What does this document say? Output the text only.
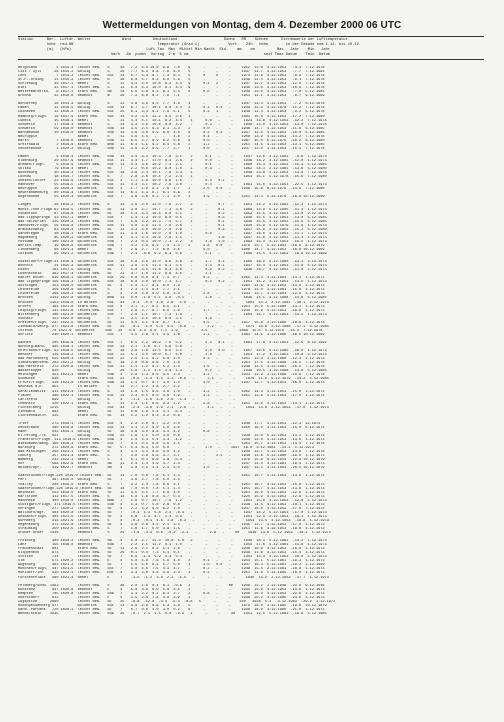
Wettermeldungen von Montag, dem 4. Dezember 2000 06 UTC
Station      Ber.  Luftdr. Wetter              Wind          Deutschland                     Sonne   RR    Schnee      Extremwerte der Lufttemperatur
höhe  red.NN                                      Temperatur (Grad C)             Vort.   24h   höhe        in der Dekade vom 1.12. bis 10.12.
(m)   (hPa)                                  Luft Tau  Max  Mittel Min Nacht  Std.    mm    cm          Max   Jahr    Min   Jahr
km/h   Zm  punkt  Vortag  2 m  5 cm                                  seit Tmax Datum    Tmin  Datum
Helgoland         4 1014.4  leicht bew.   S     43   7.2  5.4 10.0  9.8  7.0    9      -     -     -     1952  13.0  4.12.1953   -4.4  7.12.1978
List / Sylt      26 1014.2  wolkig        S     29   7.7  6.3  8.8  7.6  6.0    5      -     -     -     1937  11.7  4.12.1953   -7.7  7.12.1982
Leck              7 1014.2  leicht bew.   SSE   14   6.7  5.3  8.7  7.3  6.3    5      0     X     -     1974  11.6  4.12.1953   -8.9  7.12.1978
St.P.-Ording     11 1015.2  leicht bew.   N     18   6.0  5.7  8.3  6.0  5.9    5      -     -     -     1949  12.4  4.12.1953   -9.1  7.12.1978
Schleswig        43 1017.1  Nebel         S     11   4.4  4.0  10.8  9.3  4.4   9      0.4   2     -     1947  12.7  4.12.1953  -12.0  7.12.1978
Kiel             31 1017.1  leicht bew.   S     11   5.4  4.3  10.0  9.1  4.4   9      -     -     -     1949  13.0  4.12.1953  -10.9  7.12.1978
Westermarkelsd.   8 1017.1  stark bew.    SW    14   5.5  5.8  9.3  8.1  5.5    6      0.0   -     -     1949  13.0  4.12.1953   -7.0  5.12.1985
Arkona           42 1018.0  bedeckt       W     29   7.2  6.6  8.2  7.6  7.1    -      -     -     -     1951  12.1  4.12.1953   -8.7  9.12.1969
Norderney        18 1014.3  wolkig        S     22   4.8  3.6  9.5  7.7  4.8    4      -     -     -     1947  13.4  4.12.1953   -7.2  8.12.1978
Emden            11 1016.5  wolkig        SSE   14   6.7  3.7  10.1  9.0  4.4   4      0.1   0.4   -     1949  12.8  4.12.1978  -11.2  7.12.1978
Cuxhaven         12 1016.2  leicht bew.   SSE   25   6.1  3.3  9.2  7.9  5.1    5      0.3   1     -     1949  12.3  4.12.1953   -9.2  5.12.1978
Hamburg/Flugh.   16 1017.9  stark bew.    SSE   14   4.2  3.5  11.2  8.5  2.6   1      -     -     -     1891  15.4  4.12.1953  -17.2  7.12.1980
Lübeck           15 1018.1  Nebel         S     11   4.4  4.1  10.1  8.2  4.4    1      0.0   -     -     1921  13.8  4.12.1953  -12.2  7.12.1978
Schwerin         17 1018.4  bedeckt       S     14   4.3  3.9  10.6  8.0  4.2    -      0.3   -     -     1949  13.0  4.12.1953  -13.0  7.12.1978
Schwerin         59 1018.0  bedeckt       SSW   14   3.5  2.5  9.3  9.1  3.3    2      0.0   -     -     1946  14.7  4.12.1953  -11.8  5.12.1985
Warnemünde       10 1018.0  bedeckt       SSW   14   4.6  3.8  9.9  8.0  4.6    6      0.2   0.3   -     1947  12.5  4.12.1953  -10.0  5.12.1985
Neuruppin                   Nebel         S     11   4.6  4.5   -   -    4.6    2      0.4   -     -     1908  13.9  4.12.1953  -14.2  7.12.1978
Barth             7 1018.6  bedeckt       SSW   11   6.5  4.7  8.9  6.2  6.6    6      0.0   -     -     1987  15.0  6.12.1979  -16.2  8.12.1980
Greifswald        2 1018.6  stark bew.    WSW   11   6.4  5.1  9.2  8.4  5.8    2      1.2   -     -     1951  14.5  4.12.1953  -13.1  5.12.1985
Ueckermünde       1 1020.2  wolkig        SSW   11   4.9  3.2  9.9  7.7  3.7    1      0.0   -     -     1947  13.0  4.12.1953  -15.4  7.12.1978
Emden             5 1018.4  leicht bew.   SSW   14   3.4  3.3  10.3  7.8  3.1    2      0.1   -     -     1947  12.6  3.12.1981   -8.6  1.12.1973
Oldenburg        20 1017.9  bedeckt       SSE   11   3.4  1.7  11.0  8.4  2.8    2      0.0   -     -     1946  13.2  3.12.1981  -12.0  1.12.1973
Bremen/Flugh.     5 1018.9  leicht bew.   SSE   11   4.3  3.6  10.9  7.4  2.1    -      0.1   -     -     1890  15.4  4.12.1953  -15.4  5.12.1985
Soltau           79 1018.4  Nebel         SE    7    2.2  0.8  10.2  8.0  1.0    1      0.3   -     -     1962  14.3  3.12.1981  -13.6  5.12.1980
Bückeburg        40 1019.3  leicht bew.   SSE   18   3.6  2.4  10.1  7.6  3.3    1      -     -     -     1948  13.8  4.12.1953  -13.8  7.12.1978
Lüchow           18 1019.7  leicht bew.   S     7    2.8  2.6  10.4  7.2  2.4    1      -     -     -     1954  15.1  5.12.1978  -15.6  7.12.1980
Seesen/Lutter    23 1019.9  leicht bew.   SSE   4    1.1  1.9  10.0  6.6  1.0    -      0.3   0.1   -
Hannover         55 1019.5  leicht bew.   SSE   11   4.3  3.1  10.2  7.6  3.0    -      0.4   -     -     1891  15.0  4.12.1953  -22.5  1.12.1973
Neuruppin        39 1020.4  wolkenlos     SSE   4    1.7  1.9  9.3  7.6  1.7    2      2.5   0.0   -     1949  15.8  6.12.1979  -14.9  7.12.1980
Neubrandenburg   80 1019.4  leicht bew.   SSE   14   6.1  4.3  6.7  8.1  6.6    2      -     -     -
Angermünde       55 1020.4  wolkenlos     SSE   7    3.6  3.6  9.2  7.1  3.0    3      3.9   -     -     1951  14.4  5.12.1979  -16.8 10.12.1969
Lingen           26 1018.2  leicht bew.   S     14   3.9  2.0  12.0  7.8  2.7    2      -     0.7   -     1951  14.2  5.12.1981  -12.3  1.12.1973
Münst./Osn.Flugh.63 1018.5  leicht bew.   SE    14   3.0  2.7  10.7  7.3  3.0    2      -     0.1   -     1989  14.9  5.12.1985  -11.4  1.12.1973
Osnabrück        87 1019.8  leicht bew.   SE    18   5.4  3.3  10.8  8.0  5.1    -      -     0.2   -     1952  15.5  4.12.1953  -13.0  2.12.1973
Bad Lippspringe  43 1017.1  Nebel         SSE   7    1.4  1.3  10.0  6.0  0.5    -      -     0.3   -     1946  15.5  4.12.1953  -13.0  5.12.1985
Bad Salzuflen   129 1020.2  leicht bew.   SSE   7    5.9  2.2  10.3  7.5  5.7    1      -     0.1   -     1946  15.5  4.12.1953  -15.9  5.12.1985
Hannover/Flugh.  59 1019.8  leicht bew.   SSE   11   4.0  2.9  11.3  7.9  2.8    -      -     0.1   -     1930  15.9  5.12.1979  -11.9  1.12.1973
Braunschweig     83 1020.4  leicht bew.   SE    11   3.3  3.0  10.0  7.0  2.9    -      -     0.3   -     1947  15.6  4.12.1953  -15.2  5.12.1980
Gardelegen       48 1019.1  stark bew.    SSE   11   3.4  1.6  10.0  7.0  1.9    -      0.0   -     -     1947  16.0  4.12.1953  -11.1  7.12.1973
Magdeburg        85 1020.3  wolkenlos     SSE   4    3.1  2.4  10.6  7.9  1.5    -      -     1.6   -     1947  15.6  4.12.1953  -13.4  1.12.1973
Potsdam         100 1021.0  wolkenlos     SSW   7    2.3  0.3  10.0  7.1  2.2    3      4.8   1.0   -     1893  15.3  4.12.1953  -19.5  1.12.1973
Berlin-Temp.     49 1020.8  wolkenlos     SSW   7    4.2  2.9  9.2  7.4  3.3    2      4.8   0.0   -     1876  15.7  5.12.1981  -18.6  8.12.1879
Lindenberg       98 1021.4  Nebel         SW    7    2.9  2.7  7.3  6.0  2.8    -      5.0   -     -     1906  14.7  4.12.1953  -16.8 10.12.1969
Cottbus          69 1021.2  wolkenlos     SSW   7    2.1  -0.6  9.2  6.3  0.6    -      5.1   -     -     1888  15.5  4.12.1953  -16.9 10.12.1969
Düsseldorf/Flugh.41 1016.4  wolkenlos     SSE   18   5.8  2.5  12.0  8.6  4.8    2      1.7   0.1   -     1969  16.2  5.12.1980  -13.1  2.12.1973
Bocholt          24 1015.2  wolkenlos     SSE   11   3.9  2.5  11.3  8.1  3.5    -      1.3   0.1   -     1947  15.4  4.12.1953  -11.9  5.12.1973
Essen           161 1017.5  wolkig        SE    7    5.0  3.5  11.8  9.3  4.6    -      0.2   0.2   -     1936  16.7  4.12.1953  -11.0  2.12.1973
Lüdenscheid     392 1017.4  leicht bew.   SE    22   4.7  1.0  11.2  8.6  4.5    -      2.1   -     -
Kahler Asten    839 1018.1  wolkenlos     SSE   29   0.8  0.6  9.4  7.4  0.7    -      0.2   -     -     1955  11.3  3.12.1981  -14.1  1.12.1973
Bad Lippspringe 159 1019.3  leicht bew.   SSE   18   6.8  2.9  10.0  7.1  4.7    -      0.3   0.2   -     1951  15.2  4.12.1953  -13.5  1.12.1973
Göttingen       153 1020.0  wolkenlos     SE    4    1.4  1.7  8.2  6.0  1.3    -      -     -     -     1964  14.6  4.12.1953  -13.8  1.12.1973
Leinefelde      356 1020.0  wolkenlos     S     4    2.3  1.4  9.4  7.7  2.1    -      -     -     -     1978  13.4  3.12.1981  -15.8  1.12.1973
Leinefelde      266 1020.3  wolkenlos     S     4    2.0  2.8  8.0  5.8  2.3    -      2.8   -     -     1933  13.7  3.12.1981  -12.9  1.12.1973
Brocken        1142 1022.8  wolkig        WSW   11   0.0  -1.9  5.1  3.6  -0.1   -      1.8   -     -     1936  14.1  3.12.1988  -14.6  5.12.1985
Brocken        1153 1018.0  in Wolken     SSE   43   -0.1  -0.4  4.0  2.6  -1.6   -      -     -     -     1901  13.2  3.12.1981  -18.1  2.12.1973
Artern          164 1021.8  stark bew.    SSE   4    3.1  1.7  8.1  6.9  3.1    -      -     -     -     1951  15.0  5.12.1980  -14.3  1.12.1973
Leipzig/Flugh.  131 1021.6  leicht bew.   SSE   7    2.8  2.7  9.7  6.0  1.9    -      1.7   -     -     1935  15.9  4.12.1953  -18.6  1.12.1973
Wittenberg      106 1021.0  wolkenlos     SSE   7    2.8  1.1  10.7  7.3  1.9    -      -     -     -     1904  15.7  4.12.1953  -14.5  1.12.1973
Oschatz         152 1022.0  wolkig        S     11   3.5  2.5  10.4  6.0  3.5    -      4.9   -     -
Dresden/Flugh.  227 1022.5  wolkenlos     SE    11   4.5  3.1  9.6  6.7  4.3    -      4.5   -     -     1917  15.8  3.12.1988  -16.9  4.12.1973
Zinnwald/Georg. 877 1021.8  leicht bew.   SE    29   -0.1  -1.0  5.4  4.5  -0.6   -      2.2   -     -     1971  10.6  3.12.1988  -17.1  5.12.1985
Cottbus         70 1021.9  wolkenlos     SSW   14   4.6  3.3  9.6  7.1  2.9    -      3.9   -     -     1888  15.5  5.12.1979  -15.3  7.12.1978
Görlitz         240 1020.1  bedeckt       SSE   7    4.5  2.9  5.1  4.5  3.6    -      1.1   -     -     1881  14.1  3.12.1988  -19.5 10.12.1969
Aachen          205 1019.9  leicht bew.   SSE   7    6.5  2.2  10.9  7.9  5.2    -      2.3   0.1   -     1891  17.8  4.12.1953  -12.9  8.12.1962
Nürburg-Barw.   485 1018.1  leicht bew.   SSE   14   2.1  -1.0  6.7  5.6  0.8    -      -     -     -
Köln/Bonn/Flugh. 92 1018.5  wolkig        SE    18   3.8  1.8  11.5  8.5  3.5    -      2.0   0.0   -     1957  16.5  5.12.1985  -16.0  1.12.1973
Bendorf         129 1018.2  leicht bew.   SSE   11   5.1  3.0  10.0  6.7  5.0    -      2.8   -     -     1951  17.2  4.12.1953  -10.8  2.12.1973
Bad Marienberg  555 1020.4  leicht bew.   SSE   22   2.5  1.3  9.2  5.0  2.0    -      0.3   -     -     1951  12.4  3.12.1988  -12.4  2.12.1973
Gießen/Wettenb. 203 1021.2  wolkig        SE    18   2.0  0.6  8.6  7.0  1.8    -      -     -     -     1951  17.5  3.12.1988  -16.5  7.12.1978
Bad Hersfeld    272 1020.8  leicht bew.   SSE   11   1.4  1.2  8.2  5.3  1.4    -      1.0   -     -     1946  13.5  3.12.1981  -16.5  7.12.1978
Wasserkuppe     920         wolkig        S     29   1.8  -1.1  4.4  3.4  1.3    -      0.2   -     -     1939  10.5  3.12.1988  -14.8  5.12.1985
Meiningen       453 1021.4  Nebel         SSW   4    2.8  1.3  8.6  4.5  2.4    -      3.2   -     -     1933  12.9  3.12.1988  -18.6  7.12.1978
Schmücke        946         stark bew.    SSE   22   -0.5  -1.4  4.4  3.3  -0.6   -      3.5   -     -     1979  11.9  6.12.1979  -14.2  5.12.1985
Erfurt/Flugh.   316 1021.0  leicht bew.   SSW   14   1.4  0.7  6.7  3.0  1.4    -      4.0   -     -     1947  12.7  4.12.1953  -16.0  1.12.1973
Neuhaus a.R.    851         in Wolken     S     14   2.7  1.2  3.8  2.7  2.2    -      -     -     -
Gera/Leumnitz   311 1021.4  leicht bew.   S     14   1.8  1.5  8.6  4.9  1.8    -      3.2   -     -     1952  14.3  4.12.1953  -15.0  1.12.1973
Plauen          386 1022.1  leicht bew.   SSE   14   2.3  0.5  8.0  4.6  1.9    -      3.3   -     -     1951  13.6  4.12.1953  -17.0  1.12.1973
Carlsfeld       899         wolkig        S     4    -1.3  -1.6  3.8  2.6  -1.4   -      -     -     -
Chemnitz        420 1022.1  stark bew.    S     11   1.3  1.1  6.6  3.3  1.2    -      2.8   -     -     1951  12.0  4.12.1953  -14.1  1.12.1973
Fichtelberg    1215         wolkig        SSE   43   -2.4  -3.6  2.9  2.1  -2.6   -      4.1   -     -     1953  14.8  2.12.1953  -17.6  1.12.1973
Zinnwald        882         Nebel         SE    11   0.6  1.8  5.4  4.1  -0.4   -      -     -     -
Lichtenhain/R.  325         stark bew.    SE    14   1.2  1.2  6.3  3.2  0.6    -      -     -     -
Trier           273 1018.1  leicht bew.   SSE   4    2.2  2.0  6.7  3.2  2.0    -      -     -     -     1948  17.7  4.12.1953  -12.3  12.1973
Deuselbach      480 1018.8  leicht bew.   SSE   14   3.1  2.2  9.0  5.0  3.0    -      -     -     -     1950  16.0  3.12.1953  -15.0  5.12.1973
Hahn            503 1019.1  wolkig        SE    18   4.6  3.0  8.8  4.4  4.2    -      0.8   -     -
Kl.Feldbg./Ts.  822         wolkig        SSW   22   1.9  1.1  5.0  3.0  0.8    -      -     -     -     1938  13.8  5.12.1953  -13.2  1.12.1973
Frankfurt/Flugh. 113 1018.6 leicht bew.   SSW   4    1.4  2.4  5.4  3.3  -1.2   -      -     -     -     1936  12.8  4.12.1953  -13.6  1.12.1973
Wiesbaden/Wadg. 190 1018.3  leicht bew.   SSE   7    3.1  0.3  8.8  3.9  2.5    -      -     -     -     1951  15.7  3.12.1953  -14.4  7.12.1978
Würzburg        272 1020.8  stark bew.    SE    5.7  5.4  8.3  5.0  5.0    -      -     1.0   -     1947  16.0  3.12.1981  -14.2  1.12.1973
Bad Kissingen   268 1021.1  leicht bew.   S     4    4.4  3.3  8.8  4.0  4.2    -      -     -     -     1948  13.7  4.12.1953  -14.6  7.12.1978
Coburg          357 1021.4  stark bew.    S     7    3.8  2.8  6.8  3.7  3.7    -      -     2.1   -     1948  13.6  5.12.1980  -19.0  1.12.1973
Bamberg         243 1022.3  Nebel         S     4    0.1  0.4  6.6  3.8  -0.4   -      -     -     -     1879  15.8  8.12.1914  -22.8 10.12.1879
Hof             568 1022.9  stark bew.    SW    11   2.4  1.4  4.9  3.7  2.4    -      -     -     -     1937  12.4  3.12.1981  -19.4  1.12.1973
Weiden/Opf.     439 1022.7  bedeckt       SW    4    3.0  2.5  4.4  2.4  3.0    -      3.0   -     -     1947  13.3  3.12.1981  -20.5 10.12.1879
Saarbrücken/Flugh.320 1019.0 leicht bew.  SE    14   7.0  0.0  7.8  5.1  1.4    -      -     -     -     1951  16.7  4.12.1953  -13.6  1.12.1973
Perl            387 1019.0  wolkig        SE    7    3.6  2.7  7.8  5.0  2.5    -      -     -     -
Thalley         208 1018.6  stark bew.    S     7    3.2  2.4  7.8  6.6  3.1    -      -     -     -     1951  16.7  4.12.1953  -15.0  1.12.1973
Saarbrücken/Flugh.320 1019.0 leicht bew.  SE    14   7.0  0.0  7.8  5.1  1.4    -      -     -     -     1951  16.7  4.12.1953  -13.6  1.12.1973
Weinbiet        553 1018.5  stark bew.    SE    11   4.5  4.5  7.7  6.8  4.0    -      -     -     -     1951  16.0  4.12.1953  -12.6  1.12.1973
Karlsruhe       112 1017.5  leicht bew.   S     14   5.8  1.6  8.8  4.7  5.3    -      -     -     -     1925  15.9  4.12.1953  -12.9  1.12.1973
Mannheim        100 1019.0  leicht bew.   NNW   7    1.6  0.7  10.7  7.6  1.2    -      -     -     -     1951  15.0  4.12.1953  -12.0  1.12.1973
Stuttgart/Flugh. 371 1019.5 leicht bew.   SSW   4    1.3  0.7  5.8  2.6  0.8    -      -     -     -     1938  14.5  4.12.1953  -18.1  1.12.1973
Öhringen        277 1020.3  leicht bew.   SE    4    2.2  3.2  9.0  6.2  2.0    -      -     -     -     1947  16.6  4.12.1953  -17.6  7.12.1978
Walldurn/Bgr.   404 1020.8  leicht bew.   SE    7    -0.4  1.3  5.8  2.3  -0.4   -      -     -     -     1947  14.2  5.12.1953  -17.0  1.12.1973
Ansbach/Flugh.  404 1021.5  leicht bew.   SE    4    0.6  -1.4  4.7  1.4  0.3    -      -     -     -     1951  12.3  2.12.1953  -18.1  1.12.1973
Nürnberg        314 1021.9  leicht bew.   S     4    -0.2  -0.1  4.6  1.8  -0.3   -      -     -     -     1951  13.5  4.12.1953  -19.8  1.12.1973
Regensburg      371 1022.8  leicht bew.   SE    4    3.6  0.8  4.2  2.4  3.4    -      -     -     -     1945  12.7  4.12.1953  -17.8  1.12.1973
Straubing       350 1022.5  leicht bew.   S     7    1.6  1.7  5.0  3.8  1.5    -      -     -     -     1951  11.6  4.12.1953  -19.8  1.12.1973
Großer Arber   1446         bedeckt       S     29   -1.6  -4.3  0.6  -0.2  -2.1   -      2.8   -     Re    1949  13.6  5.12.1953  -18.1  1.12.1973
Freiburg        300 1018.3  leicht bew.   SW    4    5.0  2.7  11.3  10.0  5.0   2      -     -     -     1949  18.3  5.12.1961  -14.2  1.12.1973
Lahr            155 1018.0  bedeckt       SSW   7    2.2  2.1  11.2  8.1  1.0    -      -     -     -     1959  17.6  5.12.1961  -11.8  1.12.1973
Freudenstadt    801         stark bew.    SE    11   2.9  2.1  6.3  5.1  2.6    -      -     -     -     1949  16.6  4.12.1953  -16.0  1.12.1973
Klippeneck      973         leicht bew.   SE    25   0.1  0.4  7.3  5.4  0.1    -      -     -     -     1949  11.6  4.12.1953  -15.4  1.12.1973
Stötten         734         leicht bew.   SE    7    0.9  -1.4  5.9  4.4  0.4    -      -     -     -     1951  14.4  4.12.1953  -16.0  1.12.1973
Ulm             571 1020.2  leicht bew.   E     4    5.0  4.8  7.6  5.9  4.8    2      0.1   -     -     1944  15.1  5.12.1961  -19.3  1.12.1973
Augsburg        463 1021.2  leicht bew.   SE    7    5.5  5.0  8.1  5.7  5.0    4      1.0   0.0   -     1947  16.3  5.12.1961  -19.2  2.12.1990
München/Flugh.  447 1021.5  leicht bew.   SSE   7    4.8  4.5  7.5  4.3  4.7    -      0.2   -     -     1948  15.4  2.12.1961  -18.8  1.12.1973
Mühldorf/Inn    410 1022.1  leicht bew.   ENE   4    3.3  3.0  4.8  3.8  3.3    3      0.3   -     -     1951  11.8  5.12.1985  -18.0  1.12.1973
Fürstenfeldbr.  480 1021.4  Nebel         E     7    -1.5  -1.2  3.4  2.2  -1.5   -      -     -     -     1946  14.2  2.12.1953  -17.7  1.12.1973
Feldberg/Schw. 1493         leicht bew.   S     36   2.0  1.6  0.4  0.1  -0.6   2      -     -     Re    1949  13.2  2.12.1948  -22.8  9.12.1946
Konstanz        447 1020.6  bedeckt       E     4    5.0  3.9  6.0  5.8  3.5    2      -     -     -     1935  15.0  4.12.1953  -14.6  1.12.1973
Kempten         705 1020.8  leicht bew.   SSW   7    3.1  2.2  8.2  6.3  2.7    2      0.8   -     -     1946  16.4  4.12.1953  -22.6  1.12.1973
Oberstdorf      812         leicht bew.   E     4    3.5  2.4  7.8  4.8  2.9    3      -     -     -     1938  20.2  3.12.1985  -24.6  1.12.1973
Zugspitze      2960         leicht bew.   SE    25   -8.8  -12.8  -4.4  -5.4  -8.8   5      -     -     340   1938  5.4   4.12.1983  -29.2  1.12.1973
Hohenpeißenberg 977         wolkenlos     SSE   14   4.8  2.9  6.6  5.3  3.8    5      -     -     -     1879  18.0  3.12.1985  -19.6  10.12.1879
Garm.-Partenk.  720 1020.1  leicht bew.   SE    7    0.7  0.6  4.0  3.0  0.2    6      -     -     -     1938  18.0  3.12.1985  -21.0  1.12.1973
Wendelstein    1835         leicht bew.   SSW   25   -0.7  2.1  1.5  0.0  -0.9   1      -     -     40    1951  12.5  5.12.1961  -18.8  5.12.1985
